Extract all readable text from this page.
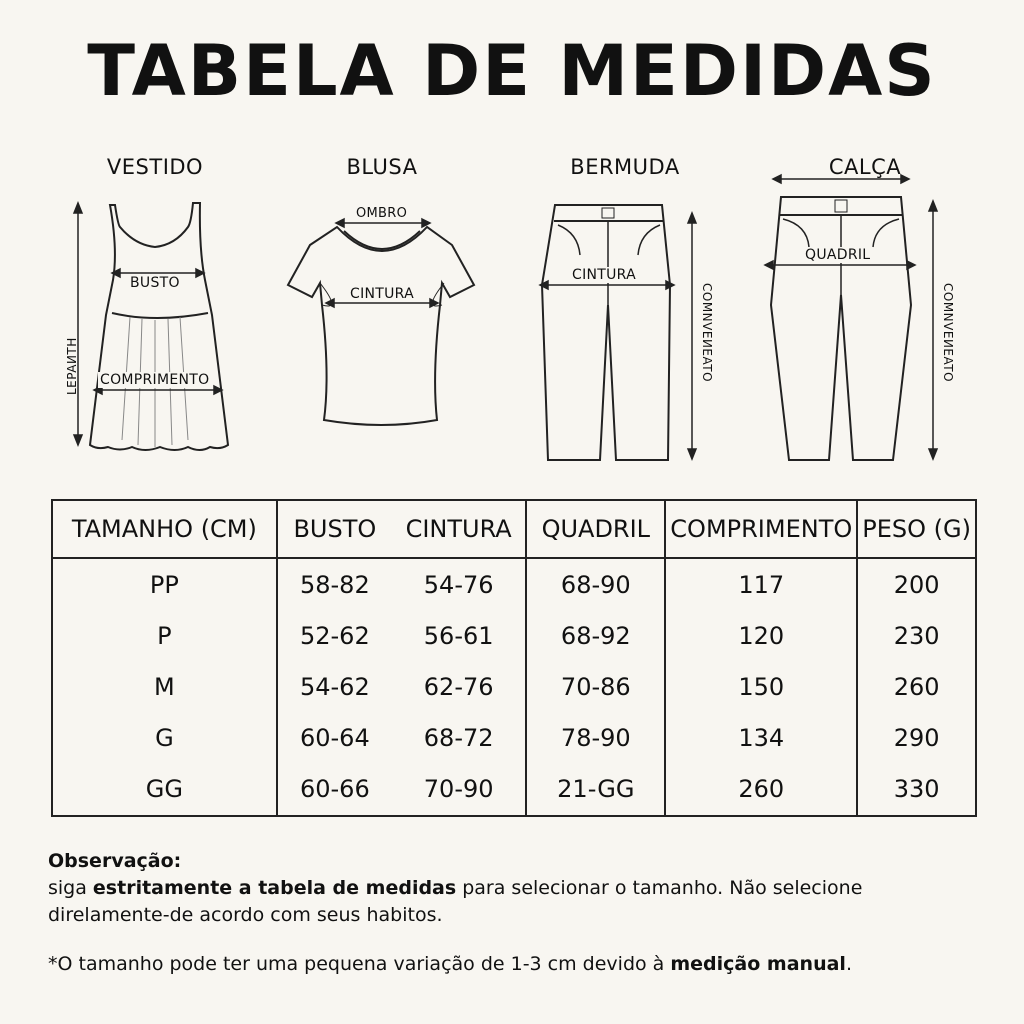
TABELA DE MEDIDAS
VESTIDO
BUSTO
COMPRIMENTO
LEPAИTH
BLUSA
OMBRO
CINTURA
BERMUDA
CINTURA
COMNVEИEATO
CALÇA
QUADRIL
COMNVEИEATO
TAMANHO (CM)	BUSTO	CINTURA	QUADRIL	COMPRIMENTO	PESO (G)
PP	58-82	54-76	68-90	117	200
P	52-62	56-61	68-92	120	230
M	54-62	62-76	70-86	150	260
G	60-64	68-72	78-90	134	290
GG	60-66	70-90	21-GG	260	330
Observação:
siga estritamente a tabela de medidas para selecionar o tamanho. Não selecione
direlamente-de acordo com seus habitos.
*O tamanho pode ter uma pequena variação de 1-3 cm devido à medição manual.
